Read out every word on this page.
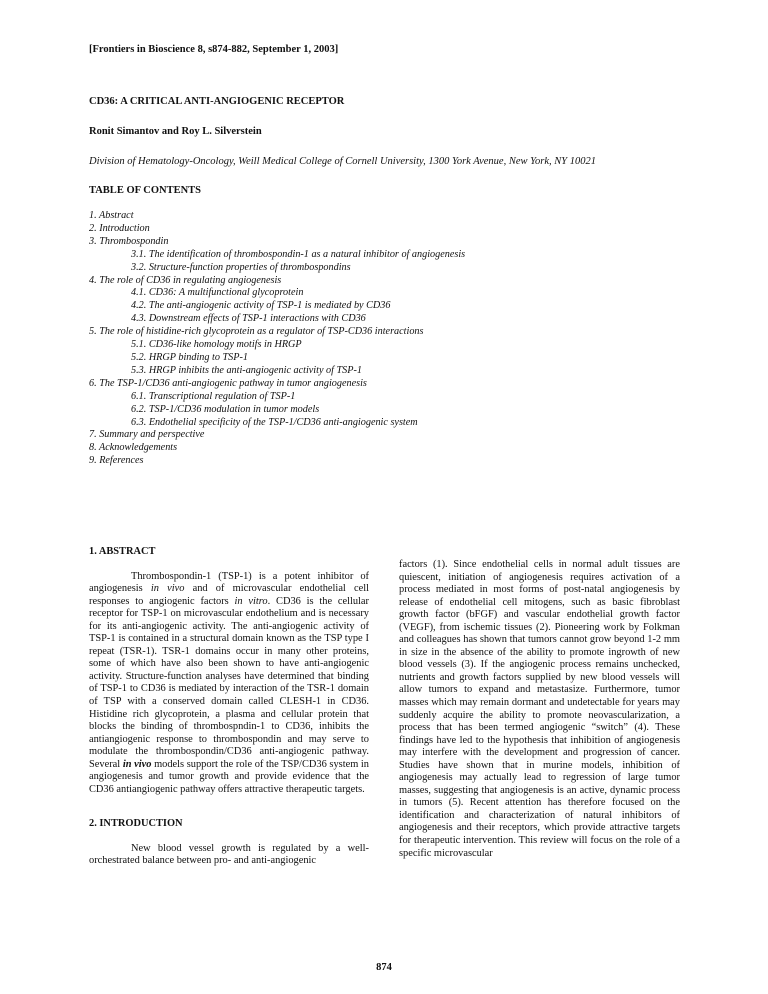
[Frontiers in Bioscience 8, s874-882, September 1, 2003]
CD36: A CRITICAL ANTI-ANGIOGENIC RECEPTOR
Ronit Simantov and Roy L. Silverstein
Division of Hematology-Oncology, Weill Medical College of Cornell University, 1300 York Avenue, New York, NY 10021
TABLE OF CONTENTS
1. Abstract
2. Introduction
3. Thrombospondin
3.1. The identification of thrombospondin-1 as a natural inhibitor of angiogenesis
3.2. Structure-function properties of thrombospondins
4. The role of CD36 in regulating angiogenesis
4.1. CD36: A multifunctional glycoprotein
4.2. The anti-angiogenic activity of TSP-1 is mediated by CD36
4.3. Downstream effects of TSP-1 interactions with CD36
5. The role of histidine-rich glycoprotein as a regulator of TSP-CD36 interactions
5.1. CD36-like homology motifs in HRGP
5.2. HRGP binding to TSP-1
5.3. HRGP inhibits the anti-angiogenic activity of TSP-1
6. The TSP-1/CD36 anti-angiogenic pathway in tumor angiogenesis
6.1. Transcriptional regulation of TSP-1
6.2. TSP-1/CD36 modulation in tumor models
6.3. Endothelial specificity of the TSP-1/CD36 anti-angiogenic system
7. Summary and perspective
8. Acknowledgements
9. References

1. ABSTRACT

Thrombospondin-1 (TSP-1) is a potent inhibitor of angiogenesis in vivo and of microvascular endothelial cell responses to angiogenic factors in vitro. CD36 is the cellular receptor for TSP-1 on microvascular endothelium and is necessary for its anti-angiogenic activity. The anti-angiogenic activity of TSP-1 is contained in a structural domain known as the TSP type I repeat (TSR-1). TSR-1 domains occur in many other proteins, some of which have also been shown to have anti-angiogenic activity. Structure-function analyses have determined that binding of TSP-1 to CD36 is mediated by interaction of the TSR-1 domain of TSP with a conserved domain called CLESH-1 in CD36. Histidine rich glycoprotein, a plasma and cellular protein that blocks the binding of thrombospndin-1 to CD36, inhibits the antiangiogenic response to thrombospondin and may serve to modulate the thrombospondin/CD36 anti-angiogenic pathway. Several in vivo models support the role of the TSP/CD36 system in angiogenesis and tumor growth and provide evidence that the CD36 antiangiogenic pathway offers attractive therapeutic targets.

2. INTRODUCTION

New blood vessel growth is regulated by a well-orchestrated balance between pro- and anti-angiogenic

factors (1). Since endothelial cells in normal adult tissues are quiescent, initiation of angiogenesis requires activation of a process mediated in most forms of post-natal angiogenesis by release of endothelial cell mitogens, such as basic fibroblast growth factor (bFGF) and vascular endothelial growth factor (VEGF), from ischemic tissues (2). Pioneering work by Folkman and colleagues has shown that tumors cannot grow beyond 1-2 mm in size in the absence of the ability to promote ingrowth of new blood vessels (3). If the angiogenic process remains unchecked, nutrients and growth factors supplied by new blood vessels will allow tumors to expand and metastasize. Furthermore, tumor masses which may remain dormant and undetectable for years may suddenly acquire the ability to promote neovascularization, a process that has been termed angiogenic “switch” (4). These findings have led to the hypothesis that inhibition of angiogenesis may interfere with the development and progression of cancer. Studies have shown that in murine models, inhibition of angiogenesis may actually lead to regression of large tumor masses, suggesting that angiogenesis is an active, dynamic process in tumors (5). Recent attention has therefore focused on the identification and characterization of natural inhibitors of angiogenesis and their receptors, which provide attractive targets for therapeutic intervention. This review will focus on the role of a specific microvascular

874
